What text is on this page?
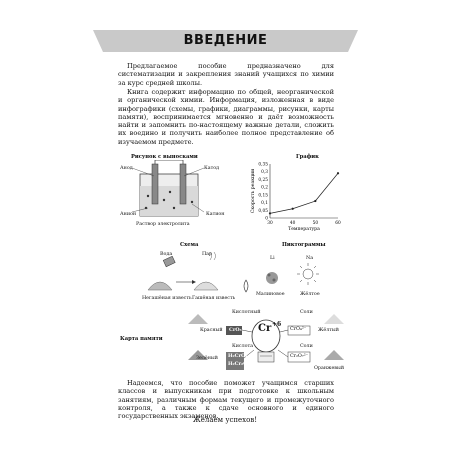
ВВЕДЕНИЕ
Предлагаемое пособие предназначено для систематизации и закрепления знаний учащихся по химии за курс средней школы.
Книга содержит информацию по общей, неорганической и органической химии. Информация, изложенная в виде инфографики (схемы, графики, диаграммы, рисунки, карты памяти), воспринимается мгновенно и даёт возможность найти и запомнить по-настоящему важные детали, сложить их воедино и получить наиболее полное представление об изучаемом предмете.
Рисунок с выносками
Анод	Катод
Анион	Катион
Раствор электролита
График
0
0,05
0,1
0,15
0,2
0,25
0,3
0,35
30	40	50	60
Температура
Скорость реакции
Схема
Вода	Пар
Негашёная известь Гашёная известь
Пиктограммы
Li	Na
Малиновое	Жёлтое
Кислотный	Соли
Красный CrO₃ Cr +6
CrO₄²⁻ Жёлтый
Карта памяти
Кислота	Соли
Зелёный H₂CrO₄
H₂Cr₂O₇
Cr₂O₇²⁻
Оранжевый
Надеемся, что пособие поможет учащимся старших классов и выпускникам при подготовке к школьным занятиям, различным формам текущего и промежуточного контроля, а также к сдаче основного и единого государственных экзаменов.
Желаем успехов!
